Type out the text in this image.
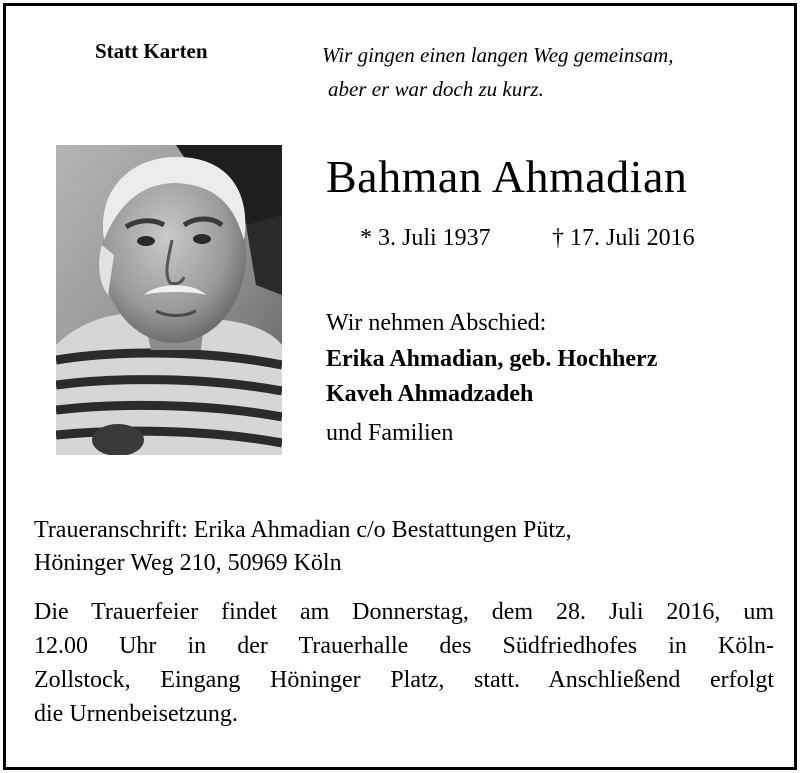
Statt Karten	Wir gingen einen langen Weg gemeinsam,
aber er war doch zu kurz.
Bahman Ahmadian
* 3. Juli 1937	† 17. Juli 2016
Wir nehmen Abschied:
Erika Ahmadian, geb. Hochherz
Kaveh Ahmadzadeh
und Familien
Traueranschrift: Erika Ahmadian c/o Bestattungen Pütz,
Höninger Weg 210, 50969 Köln
Die Trauerfeier findet am Donnerstag, dem 28. Juli 2016, um
12.00 Uhr in der Trauerhalle des Südfriedhofes in Köln-
Zollstock, Eingang Höninger Platz, statt. Anschließend erfolgt
die Urnenbeisetzung.
